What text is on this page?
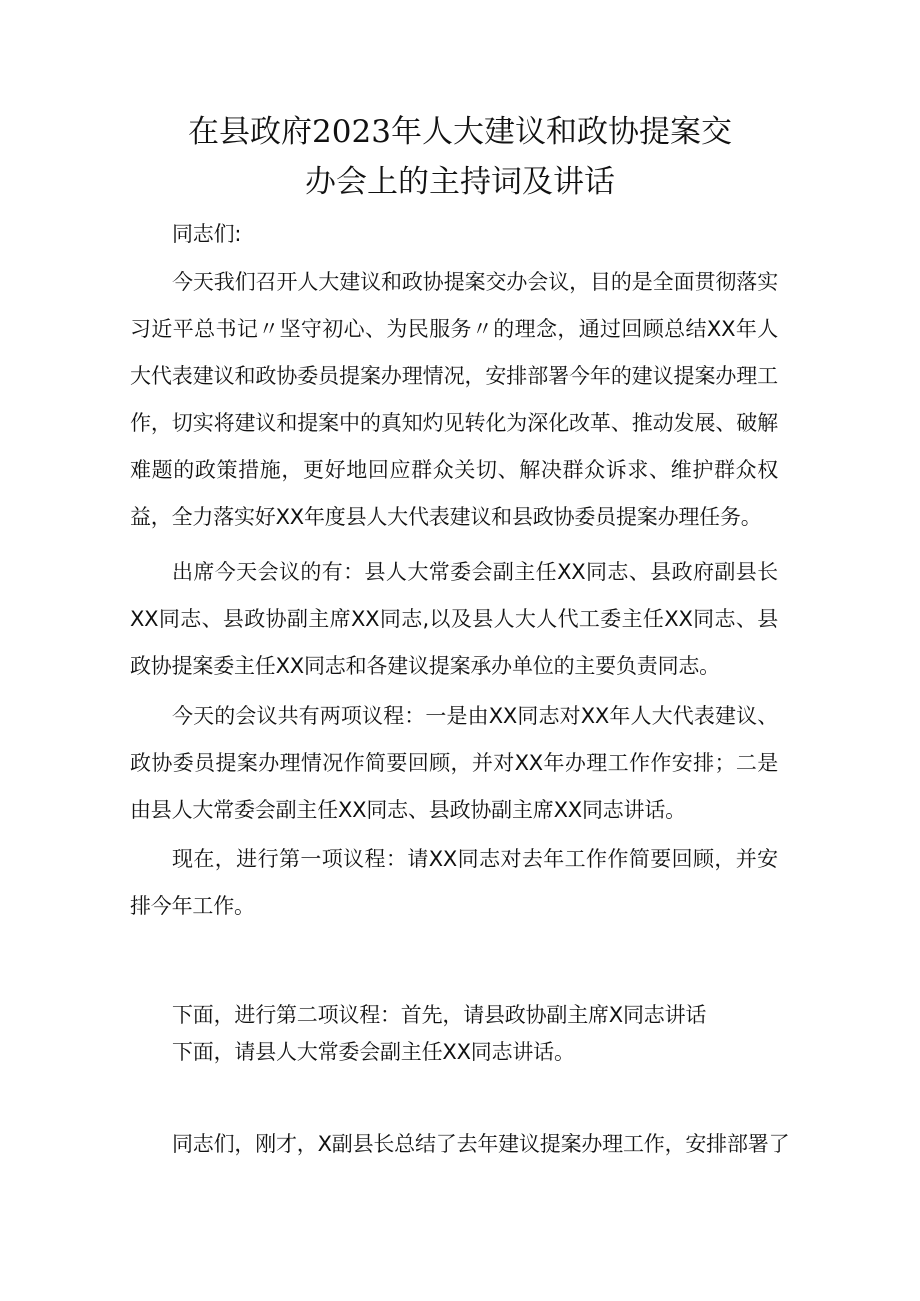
在县政府2023年人大建议和政协提案交
办会上的主持词及讲话
同志们:
今天我们召开人大建议和政协提案交办会议，目的是全面贯彻落实习近平总书记〃坚守初心、为民服务〃的理念，通过回顾总结XX年人大代表建议和政协委员提案办理情况，安排部署今年的建议提案办理工作，切实将建议和提案中的真知灼见转化为深化改革、推动发展、破解难题的政策措施，更好地回应群众关切、解决群众诉求、维护群众权益，全力落实好XX年度县人大代表建议和县政协委员提案办理任务。
出席今天会议的有：县人大常委会副主任XX同志、县政府副县长XX同志、县政协副主席XX同志,以及县人大人代工委主任XX同志、县政协提案委主任XX同志和各建议提案承办单位的主要负责同志。
今天的会议共有两项议程：一是由XX同志对XX年人大代表建议、政协委员提案办理情况作简要回顾，并对XX年办理工作作安排；二是由县人大常委会副主任XX同志、县政协副主席XX同志讲话。
现在，进行第一项议程：请XX同志对去年工作作简要回顾，并安排今年工作。
下面，进行第二项议程：首先，请县政协副主席X同志讲话
下面，请县人大常委会副主任XX同志讲话。
同志们，刚才，X副县长总结了去年建议提案办理工作，安排部署了
